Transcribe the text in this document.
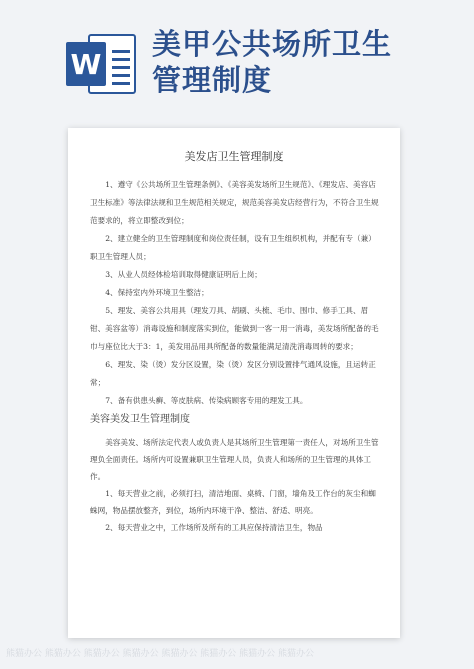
W
美甲公共场所卫生
管理制度
美发店卫生管理制度

1、遵守《公共场所卫生管理条例》、《美容美发场所卫生规范》、《理发店、美容店卫生标准》等法律法规和卫生规范相关规定，规范美容美发店经营行为，不符合卫生规范要求的，将立即整改到位；

2、建立健全的卫生管理制度和岗位责任制，设有卫生组织机构，并配有专（兼）职卫生管理人员；

3、从业人员经体检培训取得健康证明后上岗；

4、保持室内外环境卫生整洁；

5、理发、美容公共用具（理发刀具、胡刷、头梳、毛巾、围巾、修手工具、眉钳、美容盆等）消毒设施和制度落实到位，能做到一客一用一消毒，美发场所配备的毛巾与座位比大于3：1，美发用品用具所配备的数量能满足清洗消毒周转的要求；

6、理发、染（烫）发分区设置，染（烫）发区分别设置排气通风设施，且运转正常；

7、备有供患头癣、等皮肤病、传染病顾客专用的理发工具。

美容美发卫生管理制度

美容美发、场所法定代表人或负责人是其场所卫生管理第一责任人，对场所卫生管理负全面责任。场所内可设置兼职卫生管理人员，负责人和场所的卫生管理的具体工作。

1、每天营业之前，必须打扫，清洁地面、桌椅、门窗，墙角及工作台的灰尘和蜘蛛网，物品摆放整齐，到位，场所内环境干净、整洁、舒适、明亮。

2、每天营业之中，工作场所及所有的工具应保持清洁卫生，物品

熊猫办公 熊猫办公 熊猫办公 熊猫办公 熊猫办公 熊猫办公 熊猫办公 熊猫办公
